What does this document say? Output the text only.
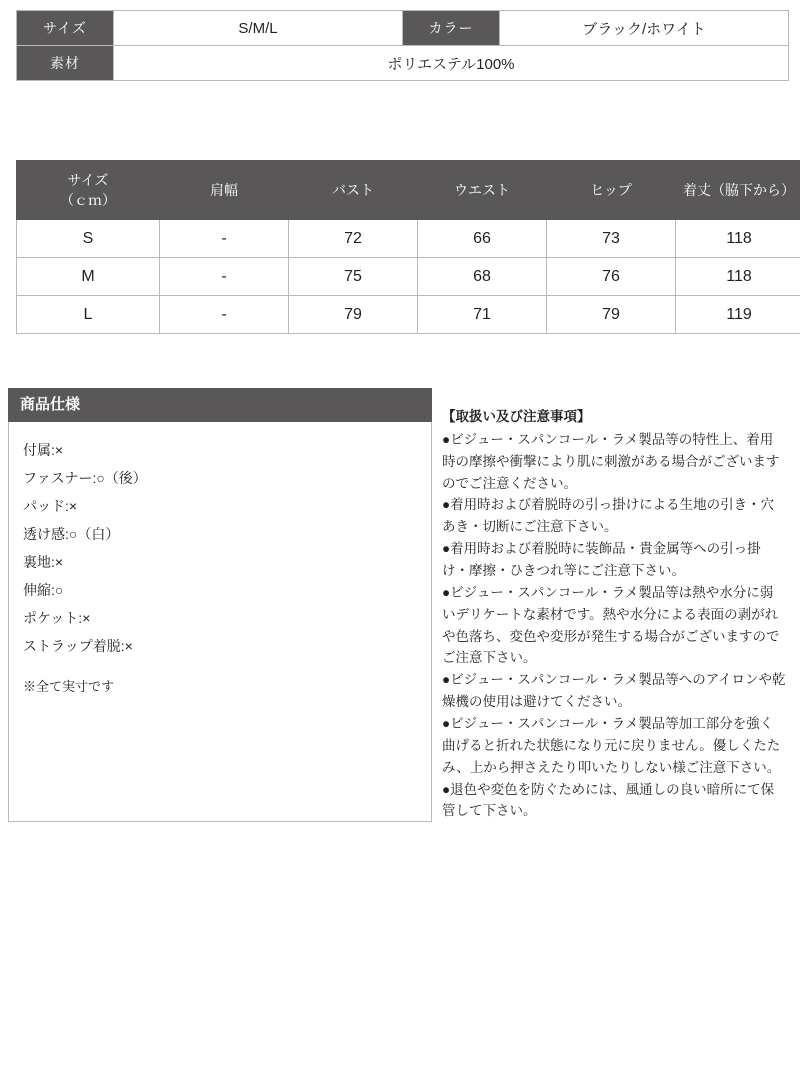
サイズ	S/M/L	カラー	ブラック/ホワイト
素材	ポリエステル100%		
サイズ
（ｃｍ）	肩幅	バスト	ウエスト	ヒップ	着丈（脇下から）
S	-	72	66	73	118
M	-	75	68	76	118
L	-	79	71	79	119
商品仕様
付属:×
ファスナー:○（後）
パッド:×
透け感:○（白）
裏地:×
伸縮:○
ポケット:×
ストラップ着脱:×
※全て実寸です
【取扱い及び注意事項】

●ビジュー・スパンコール・ラメ製品等の特性上、着用時の摩擦や衝撃により肌に刺激がある場合がございますのでご注意ください。

●着用時および着脱時の引っ掛けによる生地の引き・穴あき・切断にご注意下さい。

●着用時および着脱時に装飾品・貴金属等への引っ掛け・摩擦・ひきつれ等にご注意下さい。

●ビジュー・スパンコール・ラメ製品等は熱や水分に弱いデリケートな素材です。熱や水分による表面の剥がれや色落ち、変色や変形が発生する場合がございますのでご注意下さい。

●ビジュー・スパンコール・ラメ製品等へのアイロンや乾燥機の使用は避けてください。

●ビジュー・スパンコール・ラメ製品等加工部分を強く曲げると折れた状態になり元に戻りません。優しくたたみ、上から押さえたり叩いたりしない様ご注意下さい。

●退色や変色を防ぐためには、風通しの良い暗所にて保管して下さい。
